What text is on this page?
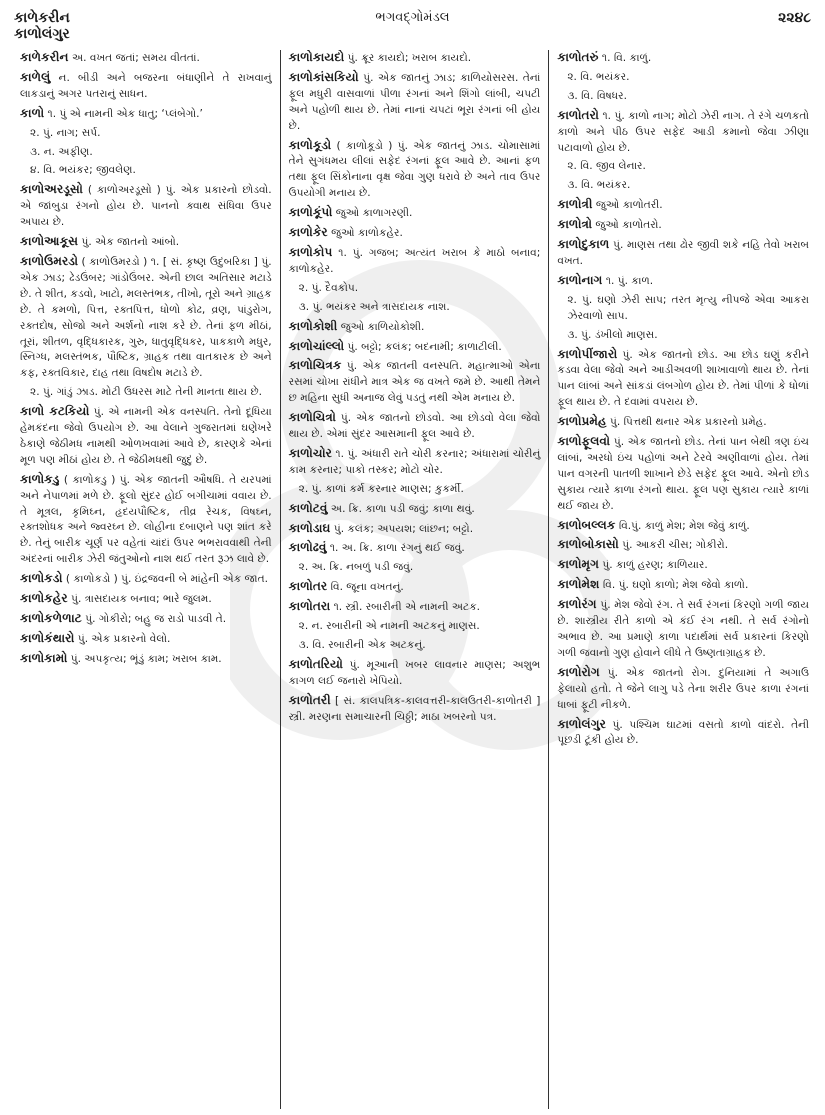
કાળેકરીન
કાળોલંગુર
ભગવદ્ગોમંડલ	૨૨૪૮
કાળેકરીન અ. વખત જતાં; સમય વીતતાં.
કાળેલું ન. બીડી અને બજરના બંધાણીને તે રાખવાનું લાકડાનું અગર પતરાનું સાધન.
કાળો ૧. પું એ નામની એક ધાતુ; ‘પ્લંબેગો.’
૨. પું. નાગ; સર્પ.
૩. ન. અફીણ.
૪. વિ. ભયંકર; જીવલેણ.
કાળોઅરડૂસો ( કાળોઅરડૂસો ) પું. એક પ્રકારનો છોડવો. એ જાંબુડા રંગનો હોય છે. પાનનો ક્વાથ સંધિવા ઉપર અપાય છે.
કાળોઆકૂસ પું. એક જાતનો આંબો.
કાળોઉમરડો ( કાળોઉમરડો ) ૧. [ સં. કૃષ્ણ ઉદુંબરિકા ] પું. એક ઝાડ; ઢેડઉંબર; ગાંડોઉંબર. એની છાલ અતિસાર મટાડે છે. તે શીત, કડવો, ખાટો, મલસ્તંભક, તીખો, તૂરો અને ગ્રાહક છે. તે કમળો, પિત્ત, રક્તપિત્ત, ધોળો કોઢ, વ્રણ, પાંડુરોગ, રક્તદોષ, સોજો અને અર્શનો નાશ કરે છે. તેનાં ફળ મીઠાં, તૂરાં, શીતળ, વૃદ્ધિકારક, ગુરુ, ધાતુવૃદ્ધિકર, પાકકાળે મધુર, સ્નિગ્ધ, મલસ્તંભક, પૌષ્ટિક, ગ્રાહક તથા વાતકારક છે અને કફ, રક્તવિકાર, દાહ તથા વિષદોષ મટાડે છે.
૨. પું. ગાંડું ઝાડ. મોટી ઉધરસ માટે તેની માનતા થાય છે.
કાળો કટકિયો પું. એ નામની એક વનસ્પતિ. તેનો દૂધિયા હેમકંદના જેવો ઉપયોગ છે. આ વેલાને ગુજરાતમાં ઘણેખરે ઠેકાણે જેઠીમધ નામથી ઓળખવામાં આવે છે, કારણકે એનાં મૂળ પણ મીઠાં હોય છે. તે જેઠીમધથી જુદું છે.
કાળોકડુ ( કાળોકડુ ) પું. એક જાતની ઔષધિ. તે યરપમાં અને નેપાળમાં મળે છે. ફૂલો સુંદર હોઈ બગીચામાં વવાય છે. તે મૂત્રલ, કૃમિઘ્ન, હૃદયપૌષ્ટિક, તીવ્ર રેચક, વિષઘ્ન, રક્તશોધક અને જ્વરઘ્ન છે. લોહીના દબાણને પણ શાંત કરે છે. તેનું બારીક ચૂર્ણ પર વહેતાં ચાંદાં ઉપર ભભરાવવાથી તેની અંદરનાં બારીક ઝેરી જંતુઓનો નાશ થઈ તરત રૂઝ લાવે છે.
કાળોકડો ( કાળોકડો ) પું. ઇંદ્રજવની બે માંહેની એક જાત.
કાળોકહેર પું. ત્રાસદાયક બનાવ; ભારે જુલમ.
કાળોકળેળાટ પું. ગોકીરો; બહુ જ રાડો પાડવી તે.
કાળોકંથારો પું. એક પ્રકારનો વેલો.
કાળોકામો પું. અપકૃત્ય; ભૂંડું કામ; ખરાબ કામ.
કાળોકાયદો પું. ક્રૂર કાયદો; ખરાબ કાયદો.
કાળોકાંસકિયો પું. એક જાતનું ઝાડ; કાળિયોસરસ. તેનાં ફૂલ મધુરી વાસવાળાં પીળા રંગનાં અને શિંગો લાંબી, ચપટી અને પહોળી થાય છે. તેમાં નાનાં ચપટાં ભૂરા રંગનાં બી હોય છે.
કાળોકૂડો ( કાળોકૂડો ) પું. એક જાતનું ઝાડ. ચોમાસામાં તેને સુગંધમય લીલાં સફેદ રંગનાં ફૂલ આવે છે. આનાં ફળ તથા ફૂલ સિંકોનાના વૃક્ષ જેવા ગુણ ધરાવે છે અને તાવ ઉપર ઉપયોગી મનાય છે.
કાળોકૂંપો જુઓ કાળાગરણી.
કાળોકેર જુઓ કાળોકહેર.
કાળોકોપ ૧. પું. ગજબ; અત્યંત ખરાબ કે માઠો બનાવ; કાળોકહેર.
૨. પું. દૈવકોપ.
૩. પું. ભયંકર અને ત્રાસદાયક નાશ.
કાળોકોશી જુઓ કાળિયોકોશી.
કાળોચાંલ્લો પું. બટ્ટો; કલંક; બદનામી; કાળાટીલી.
કાળોચિત્રક પું. એક જાતની વનસ્પતિ. મહાત્માઓ એના રસમાં ચોખા રાંધીને માત્ર એક જ વખતે જમે છે. આથી તેમને છ મહિના સુધી અનાજ લેવું પડતું નથી એમ મનાય છે.
કાળોચિત્રો પું. એક જાતનો છોડવો. આ છોડવો વેલા જેવો થાય છે. એમાં સુંદર આસમાની ફૂલ આવે છે.
કાળોચોર ૧. પું. અંધારી રાતે ચોરી કરનાર; અંધારામાં ચોરીનું કામ કરનાર; પાકો તસ્કર; મોટો ચોર.
૨. પું. કાળાં કર્મ કરનાર માણસ; કુકર્મી.
કાળોટવું અ. ક્રિ. કાળા પડી જવું; કાળા થવું.
કાળોડાઘ પું. કલંક; અપયશ; લાંછન; બટ્ટો.
કાળોઢવું ૧. અ. ક્રિ. કાળા રંગનું થઈ જવું.
૨. અ. ક્રિ. નબળું પડી જવું.
કાળોતર વિ. જૂના વખતનું.
કાળોતરા ૧. સ્ત્રી. રબારીની એ નામની અટક.
૨. ન. રબારીની એ નામની અટકનું માણસ.
૩. વિ. રબારીની એક અટકનું.
કાળોતરિયો પું. મૂઆની ખબર લાવનાર માણસ; અશુભ કાગળ લઈ જનારો ખેપિયો.
કાળોતરી [ સં. કાલપત્રિક-કાલવત્તરી-કાલઉતરી-કાળોતરી ] સ્ત્રી. મરણના સમાચારની ચિઠ્ઠી; માઠા ખબરનો પત્ર.
કાળોતરું ૧. વિ. કાળું.
૨. વિ. ભયંકર.
૩. વિ. વિષધર.
કાળોતરો ૧. પું. કાળો નાગ; મોટો ઝેરી નાગ. તે રંગે ચળકતો કાળો અને પીઠ ઉપર સફેદ આડી કમાનો જેવા ઝીણા પટાવાળો હોય છે.
૨. વિ. જીવ લેનાર.
૩. વિ. ભયંકર.
કાળોત્રી જુઓ કાળોતરી.
કાળોત્રો જુઓ કાળોતરો.
કાળોદુકાળ પું. માણસ તથા ઢોર જીવી શકે નહિ તેવો ખરાબ વખત.
કાળોનાગ ૧. પું. કાળ.
૨. પું. ઘણો ઝેરી સાપ; તરત મૃત્યુ નીપજે એવા આકરા ઝેરવાળો સાપ.
૩. પું. ડંખીલો માણસ.
કાળોપીંજારો પું. એક જાતનો છોડ. આ છોડ ઘણું કરીને કડવા વેલા જેવો અને આડીઅવળી શાખાવાળો થાય છે. તેનાં પાન લાંબાં અને સાંકડાં લંબગોળ હોય છે. તેમાં પીળાં કે ધોળાં ફૂલ થાય છે. તે દવામાં વપરાય છે.
કાળોપ્રમેહ પું. પિત્તથી થનાર એક પ્રકારનો પ્રમેહ.
કાળોફૂલવો પું. એક જાતનો છોડ. તેનાં પાન બેથી ત્રણ ઇંચ લાંબાં, અરધો ઇંચ પહોળાં અને ટેરવે અણીવાળાં હોય. તેમાં પાન વગરની પાતળી શાખાને છેડે સફેદ ફૂલ આવે. એનો છોડ સુકાય ત્યારે કાળા રંગનો થાય. ફૂલ પણ સુકાય ત્યારે કાળાં થઈ જાય છે.
કાળોબલ્લક વિ.પું. કાળું મેશ; મેશ જેવું કાળું.
કાળોબોકાસો પું. આકરી ચીસ; ગોકીરો.
કાળોમૃગ પું. કાળું હરણ; કાળિયાર.
કાળોમેશ વિ. પું. ઘણો કાળો; મેશ જેવો કાળો.
કાળોરંગ પું. મેશ જેવો રંગ. તે સર્વ રંગનાં કિરણો ગળી જાય છે. શાસ્ત્રીય રીતે કાળો એ કંઈ રંગ નથી. તે સર્વ રંગોનો અભાવ છે. આ પ્રમાણે કાળા પદાર્થમાં સર્વ પ્રકારનાં કિરણો ગળી જવાનો ગુણ હોવાને લીધે તે ઉષ્ણતાગ્રાહક છે.
કાળોરોગ પું. એક જાતનો રોગ. દુનિયામાં તે અગાઉ ફેલાયો હતો. તે જેને લાગુ પડે તેના શરીર ઉપર કાળા રંગનાં ધાબાં ફૂટી નીકળે.
કાળોલંગુર પું. પશ્ચિમ ઘાટમાં વસતો કાળો વાંદરો. તેની પૂછડી ટૂંકી હોય છે.
